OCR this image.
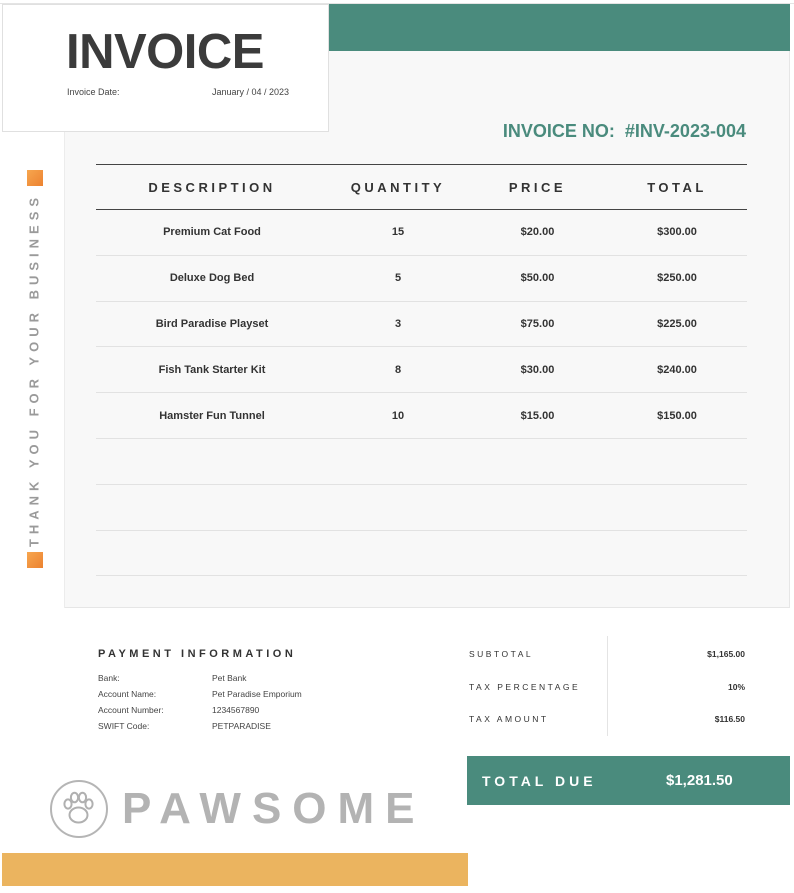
INVOICE
Invoice Date:	January / 04 / 2023
INVOICE NO: #INV-2023-004
THANK YOU FOR YOUR BUSINESS
DESCRIPTION	QUANTITY	PRICE	TOTAL
Premium Cat Food	15	$20.00	$300.00
Deluxe Dog Bed	5	$50.00	$250.00
Bird Paradise Playset	3	$75.00	$225.00
Fish Tank Starter Kit	8	$30.00	$240.00
Hamster Fun Tunnel	10	$15.00	$150.00
PAYMENT INFORMATION
Bank:	Pet Bank
Account Name:	Pet Paradise Emporium
Account Number:	1234567890
SWIFT Code:	PETPARADISE
SUBTOTAL	$1,165.00
TAX PERCENTAGE	10%
TAX AMOUNT	$116.50
TOTAL DUE	$1,281.50
PAWSOME
